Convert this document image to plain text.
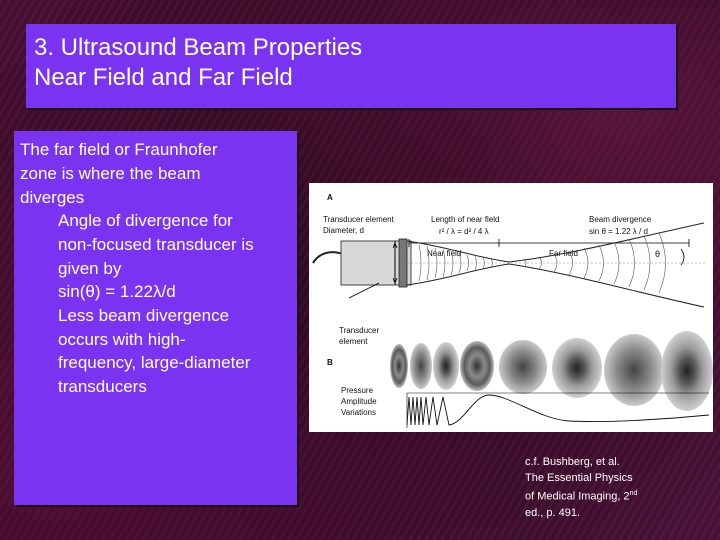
3. Ultrasound Beam Properties
Near Field and Far Field
The far field or Fraunhofer
zone is where the beam
diverges
Angle of divergence for
non-focused transducer is
given by
sin(θ) = 1.22λ/d
Less beam divergence
occurs with high-
frequency, large-diameter
transducers
A
Transducer element
Diameter, d
Length of near field
r² / λ = d² / 4 λ
Beam divergence
sin θ = 1.22 λ / d
Near field	Far field	θ
Transducer
element
B
Pressure
Amplitude
Variations
c.f. Bushberg, et al.
The Essential Physics
of Medical Imaging, 2nd
ed., p. 491.
